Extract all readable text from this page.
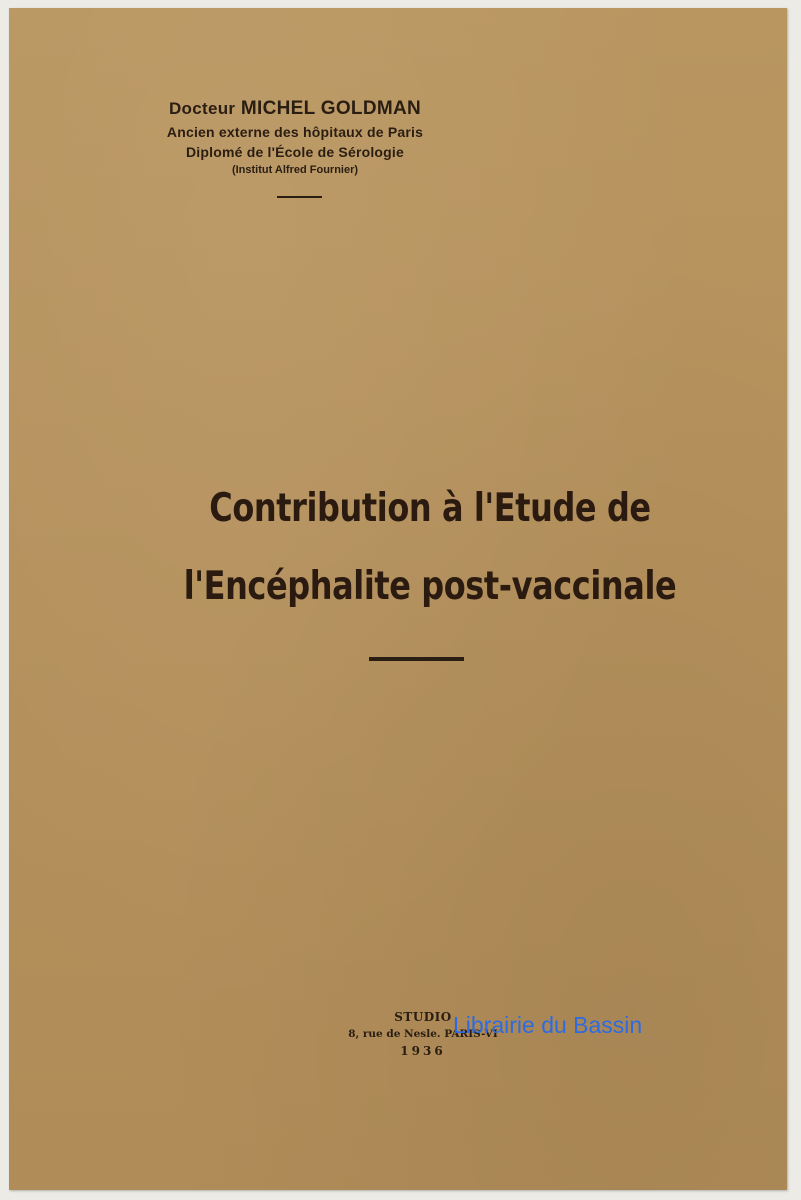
Docteur MICHEL GOLDMAN
Ancien externe des hôpitaux de Paris
Diplomé de l'École de Sérologie
(Institut Alfred Fournier)
Contribution à l'Etude de
l'Encéphalite post-vaccinale
STUDIO
8, rue de Nesle. PARIS-VI
1936
Librairie du Bassin
